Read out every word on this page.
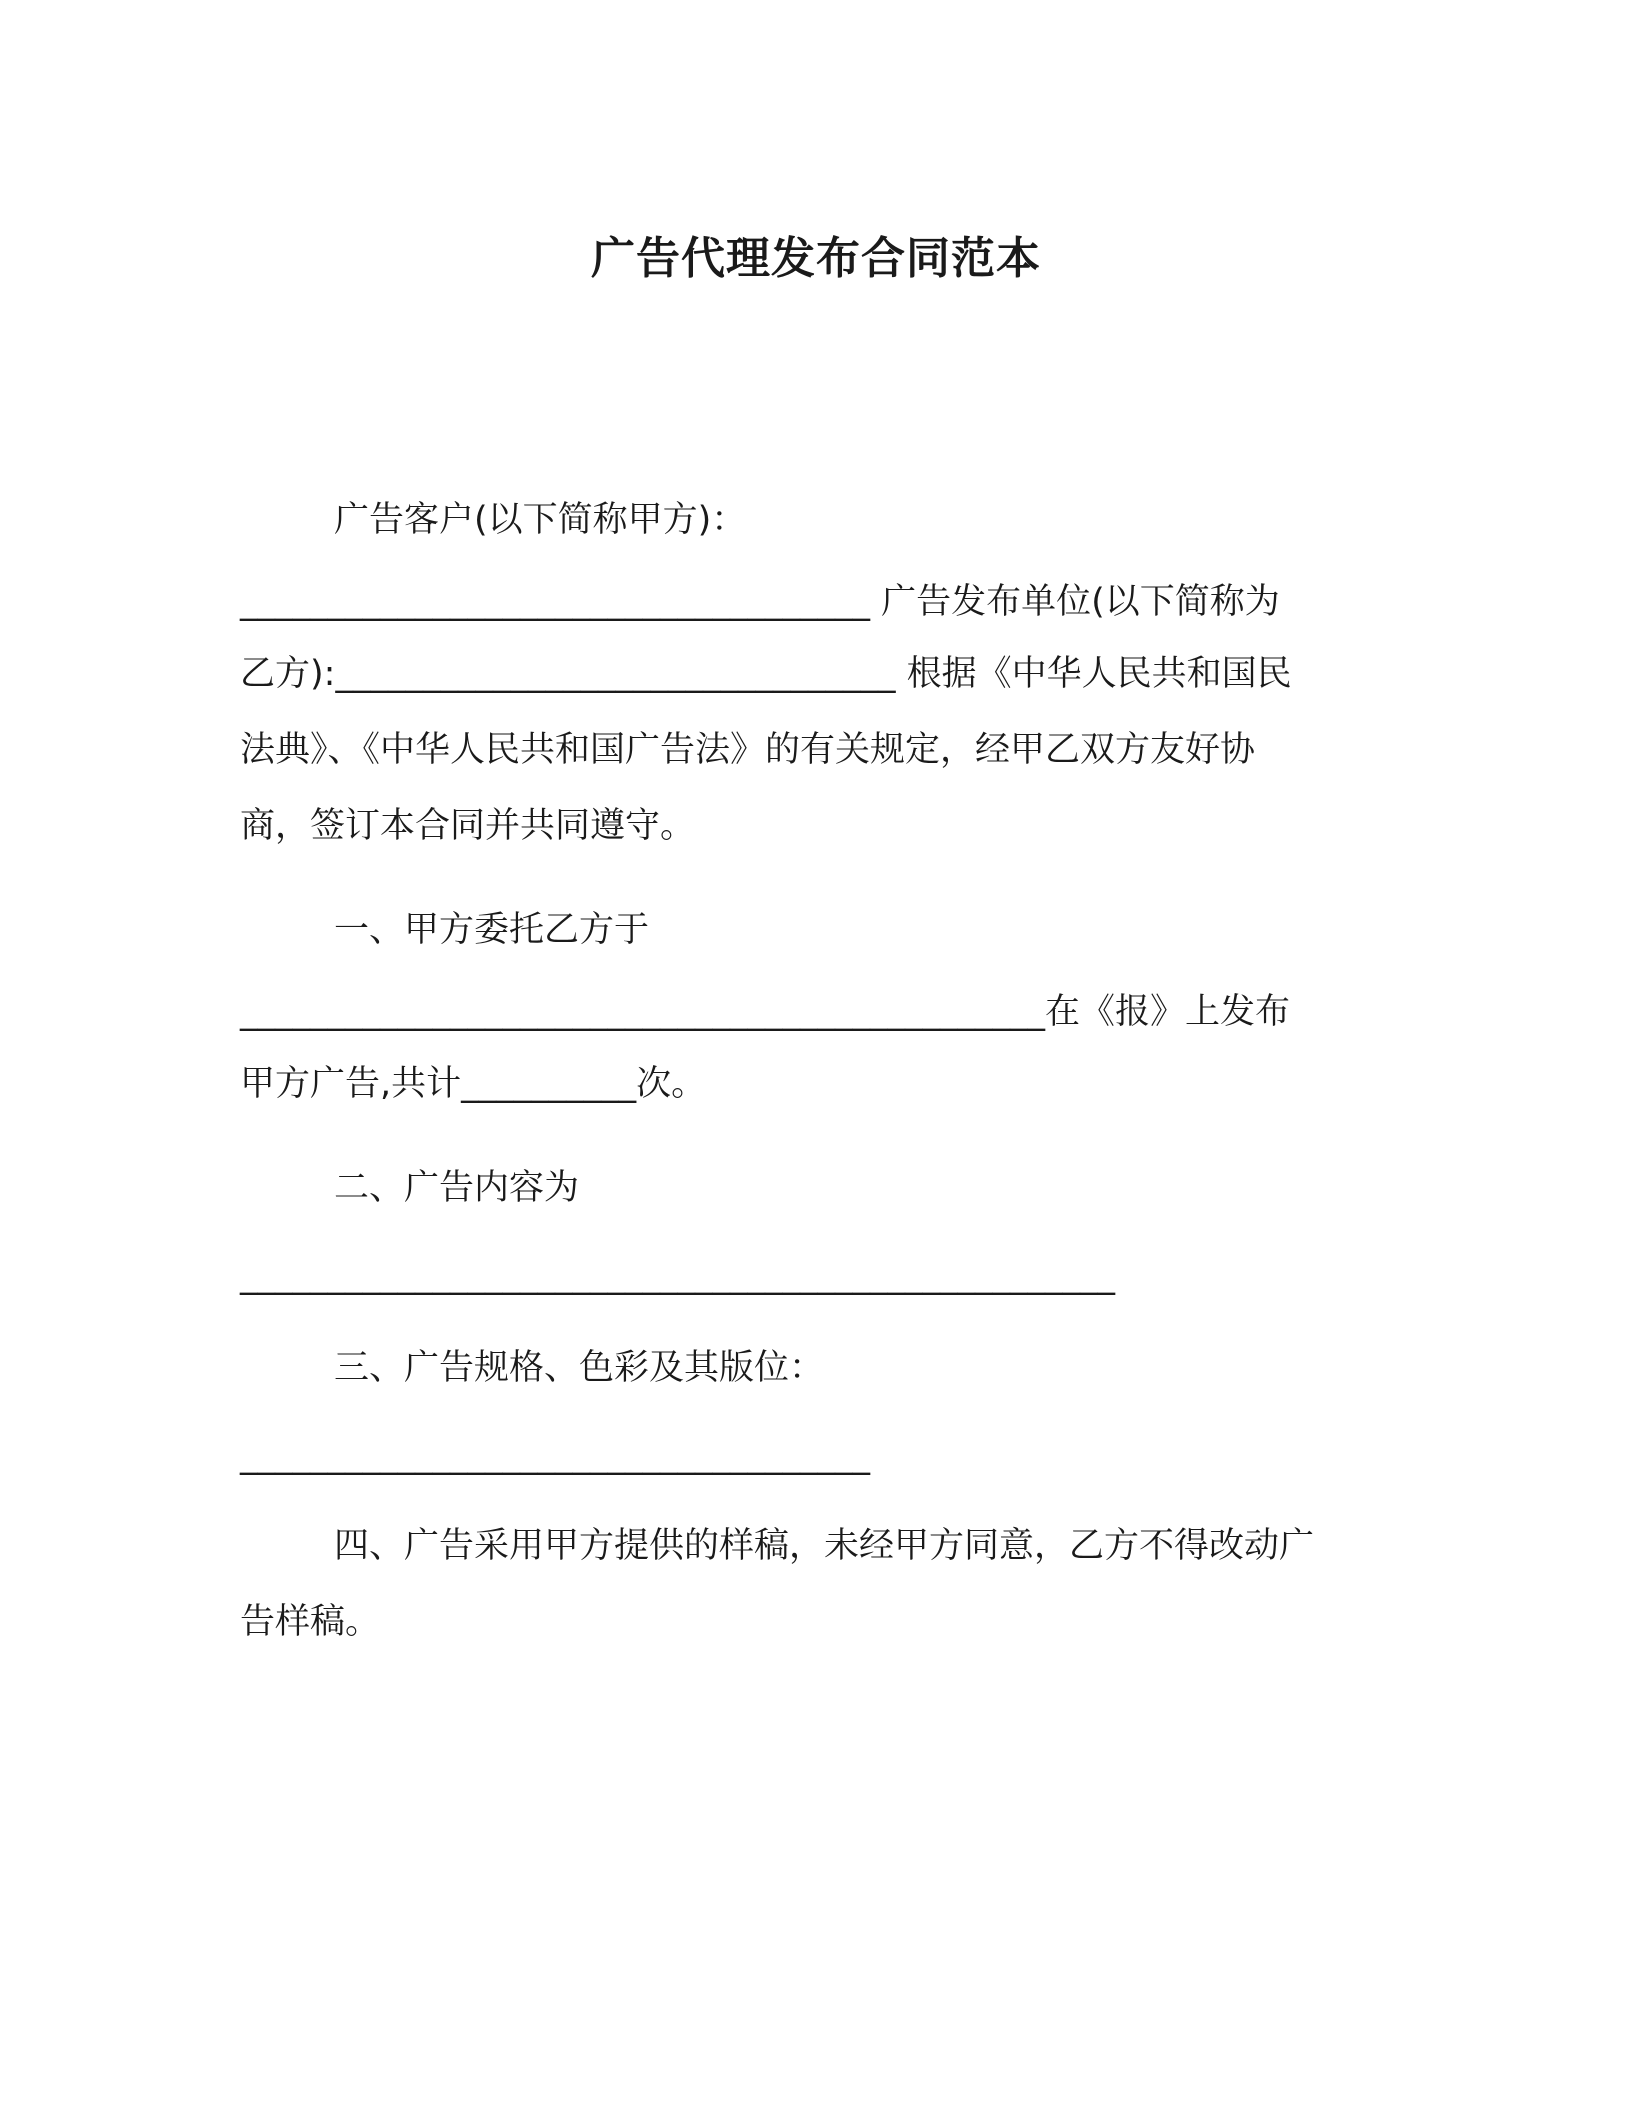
广告代理发布合同范本
广告客户(以下简称甲方)：
____________________________________ 广告发布单位(以下简称为
乙方):________________________________ 根据《中华人民共和国民
法典》、《中华人民共和国广告法》的有关规定，经甲乙双方友好协
商，签订本合同并共同遵守。
一、甲方委托乙方于
______________________________________________在《报》上发布
甲方广告,共计__________次。
二、广告内容为
__________________________________________________
三、广告规格、色彩及其版位：
____________________________________
四、广告采用甲方提供的样稿，未经甲方同意，乙方不得改动广
告样稿。
